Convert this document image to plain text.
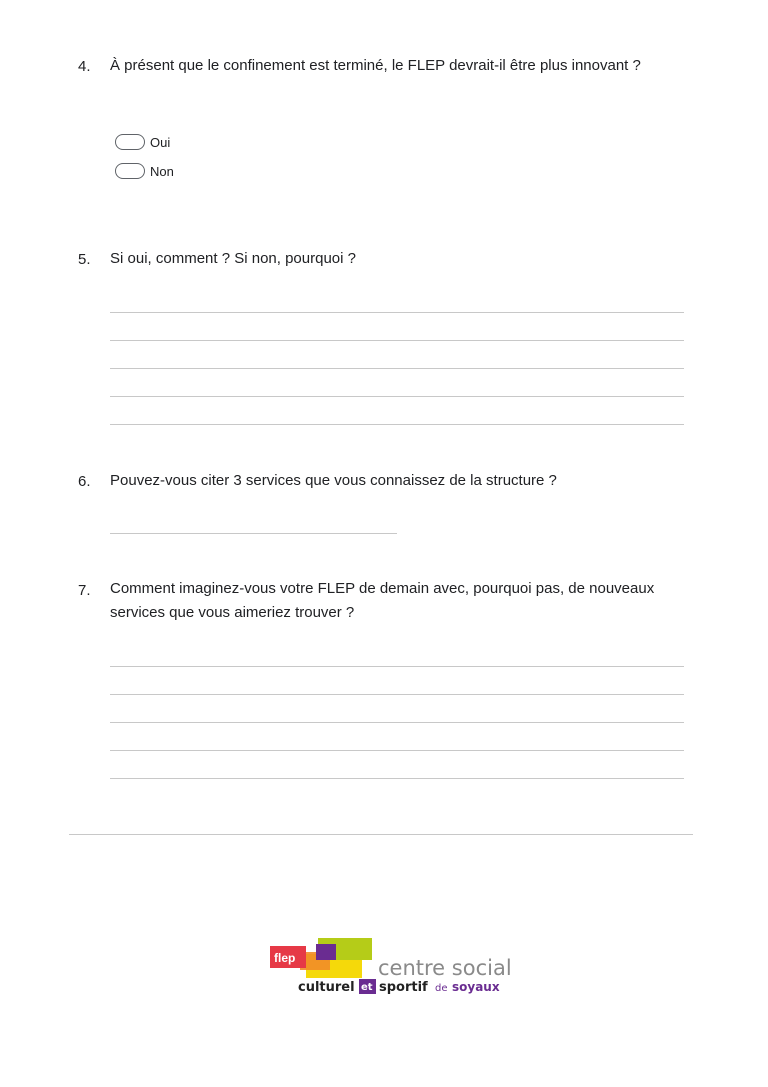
4. À présent que le confinement est terminé, le FLEP devrait-il être plus innovant ?
Oui
Non
5. Si oui, comment ? Si non, pourquoi ?
6. Pouvez-vous citer 3 services que vous connaissez de la structure ?
7. Comment imaginez-vous votre FLEP de demain avec, pourquoi pas, de nouveaux services que vous aimeriez trouver ?
flep	centre social
culturel et sportif de soyaux
